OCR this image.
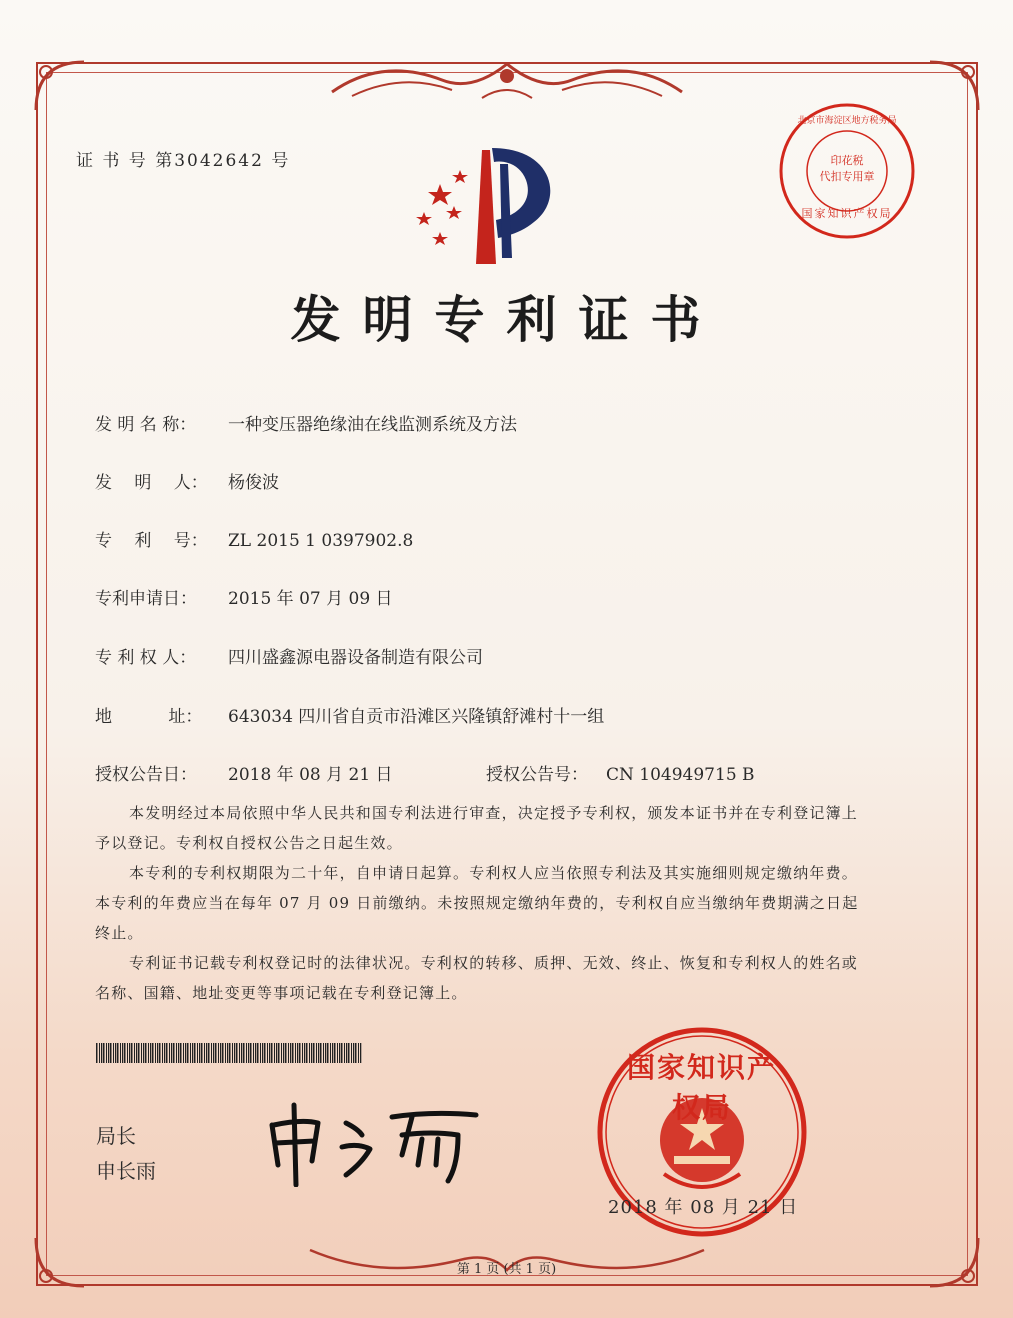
证 书 号 第3042642 号
发明专利证书
发 明 名 称： 一种变压器绝缘油在线监测系统及方法
发　 明　 人： 杨俊波
专　 利　 号： ZL 2015 1 0397902.8
专利申请日： 2015 年 07 月 09 日
专 利 权 人： 四川盛鑫源电器设备制造有限公司
地　　　 址： 643034 四川省自贡市沿滩区兴隆镇舒滩村十一组
授权公告日： 2018 年 08 月 21 日	授权公告号： CN 104949715 B
本发明经过本局依照中华人民共和国专利法进行审查，决定授予专利权，颁发本证书并在专利登记簿上予以登记。专利权自授权公告之日起生效。
本专利的专利权期限为二十年，自申请日起算。专利权人应当依照专利法及其实施细则规定缴纳年费。本专利的年费应当在每年 07 月 09 日前缴纳。未按照规定缴纳年费的，专利权自应当缴纳年费期满之日起终止。
专利证书记载专利权登记时的法律状况。专利权的转移、质押、无效、终止、恢复和专利权人的姓名或名称、国籍、地址变更等事项记载在专利登记簿上。
局长
申长雨
国家知识产权局
2018 年 08 月 21 日
北京市海淀区地方税务局
印花税
代扣专用章
国家知识产权局
第 1 页 (共 1 页)
